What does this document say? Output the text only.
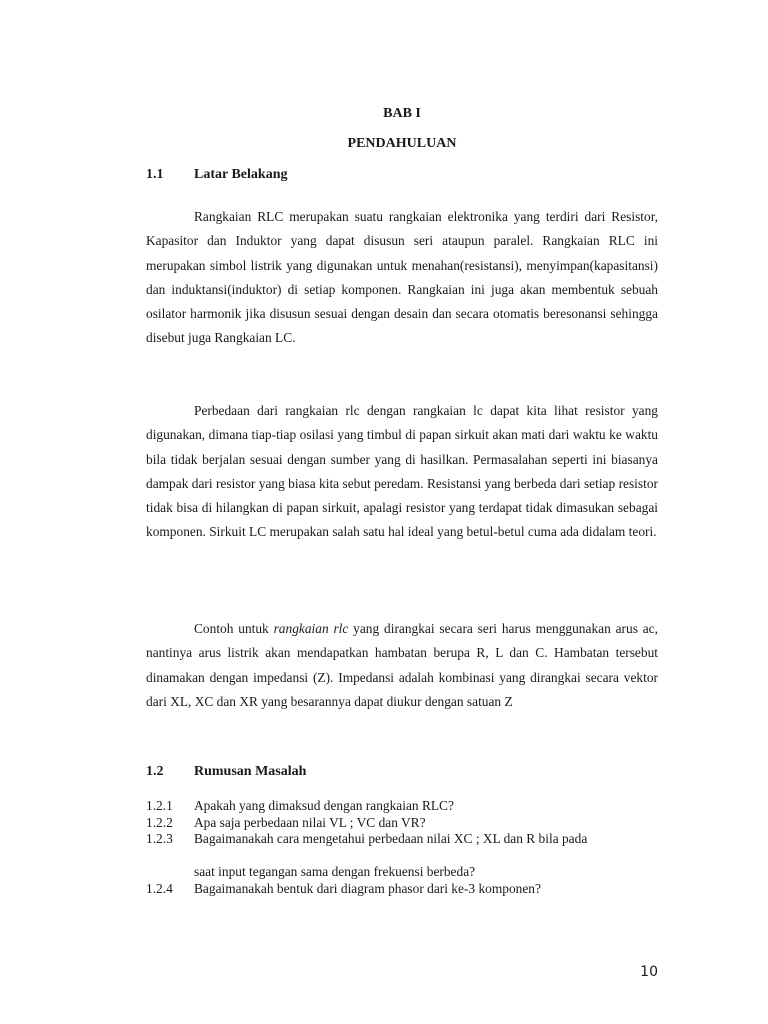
BAB I
PENDAHULUAN
1.1 Latar Belakang

Rangkaian RLC merupakan suatu rangkaian elektronika yang terdiri dari Resistor, Kapasitor dan Induktor yang dapat disusun seri ataupun paralel. Rangkaian RLC ini merupakan simbol listrik yang digunakan untuk menahan(resistansi), menyimpan(kapasitansi) dan induktansi(induktor) di setiap komponen. Rangkaian ini juga akan membentuk sebuah osilator harmonik jika disusun sesuai dengan desain dan secara otomatis beresonansi sehingga disebut juga Rangkaian LC.

Perbedaan dari rangkaian rlc dengan rangkaian lc dapat kita lihat resistor yang digunakan, dimana tiap-tiap osilasi yang timbul di papan sirkuit akan mati dari waktu ke waktu bila tidak berjalan sesuai dengan sumber yang di hasilkan. Permasalahan seperti ini biasanya dampak dari resistor yang biasa kita sebut peredam. Resistansi yang berbeda dari setiap resistor tidak bisa di hilangkan di papan sirkuit, apalagi resistor yang terdapat tidak dimasukan sebagai komponen. Sirkuit LC merupakan salah satu hal ideal yang betul-betul cuma ada didalam teori.

Contoh untuk rangkaian rlc yang dirangkai secara seri harus menggunakan arus ac, nantinya arus listrik akan mendapatkan hambatan berupa R, L dan C. Hambatan tersebut dinamakan dengan impedansi (Z). Impedansi adalah kombinasi yang dirangkai secara vektor dari XL, XC dan XR yang besarannya dapat diukur dengan satuan Z

1.2 Rumusan Masalah
1.2.1 Apakah yang dimaksud dengan rangkaian RLC?
1.2.2 Apa saja perbedaan nilai VL ; VC dan VR?
1.2.3 Bagaimanakah cara mengetahui perbedaan nilai XC ; XL dan R bila pada
saat input tegangan sama dengan frekuensi berbeda?
1.2.4 Bagaimanakah bentuk dari diagram phasor dari ke-3 komponen?
10
